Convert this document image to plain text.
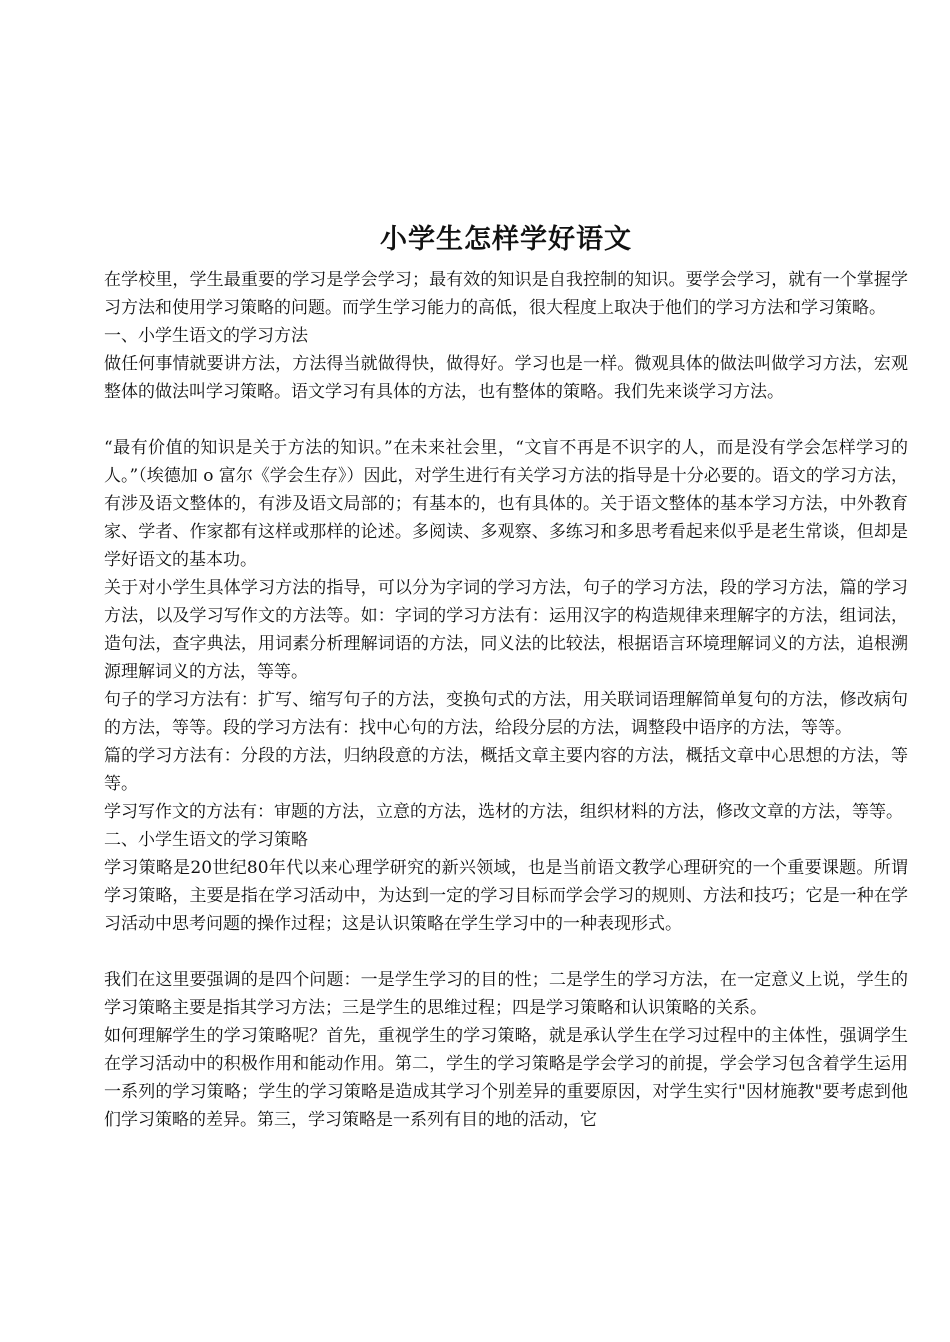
小学生怎样学好语文

在学校里，学生最重要的学习是学会学习；最有效的知识是自我控制的知识。要学会学习，就有一个掌握学习方法和使用学习策略的问题。而学生学习能力的高低，很大程度上取决于他们的学习方法和学习策略。

一、小学生语文的学习方法

做任何事情就要讲方法，方法得当就做得快，做得好。学习也是一样。微观具体的做法叫做学习方法，宏观整体的做法叫学习策略。语文学习有具体的方法，也有整体的策略。我们先来谈学习方法。

“最有价值的知识是关于方法的知识。”在未来社会里，“文盲不再是不识字的人，而是没有学会怎样学习的人。”（埃德加 o 富尔《学会生存》）因此，对学生进行有关学习方法的指导是十分必要的。语文的学习方法，有涉及语文整体的，有涉及语文局部的；有基本的，也有具体的。关于语文整体的基本学习方法，中外教育家、学者、作家都有这样或那样的论述。多阅读、多观察、多练习和多思考看起来似乎是老生常谈，但却是学好语文的基本功。

关于对小学生具体学习方法的指导，可以分为字词的学习方法，句子的学习方法，段的学习方法，篇的学习方法，以及学习写作文的方法等。如：字词的学习方法有：运用汉字的构造规律来理解字的方法，组词法，造句法，查字典法，用词素分析理解词语的方法，同义法的比较法，根据语言环境理解词义的方法，追根溯源理解词义的方法，等等。

句子的学习方法有：扩写、缩写句子的方法，变换句式的方法，用关联词语理解简单复句的方法，修改病句的方法，等等。段的学习方法有：找中心句的方法，给段分层的方法，调整段中语序的方法，等等。

篇的学习方法有：分段的方法，归纳段意的方法，概括文章主要内容的方法，概括文章中心思想的方法，等等。

学习写作文的方法有：审题的方法，立意的方法，选材的方法，组织材料的方法，修改文章的方法，等等。

二、小学生语文的学习策略

学习策略是20世纪80年代以来心理学研究的新兴领域，也是当前语文教学心理研究的一个重要课题。所谓学习策略，主要是指在学习活动中，为达到一定的学习目标而学会学习的规则、方法和技巧；它是一种在学习活动中思考问题的操作过程；这是认识策略在学生学习中的一种表现形式。

我们在这里要强调的是四个问题：一是学生学习的目的性；二是学生的学习方法，在一定意义上说，学生的学习策略主要是指其学习方法；三是学生的思维过程；四是学习策略和认识策略的关系。

如何理解学生的学习策略呢？首先，重视学生的学习策略，就是承认学生在学习过程中的主体性，强调学生在学习活动中的积极作用和能动作用。第二，学生的学习策略是学会学习的前提，学会学习包含着学生运用一系列的学习策略；学生的学习策略是造成其学习个别差异的重要原因，对学生实行"因材施教"要考虑到他们学习策略的差异。第三，学习策略是一系列有目的地的活动，它
